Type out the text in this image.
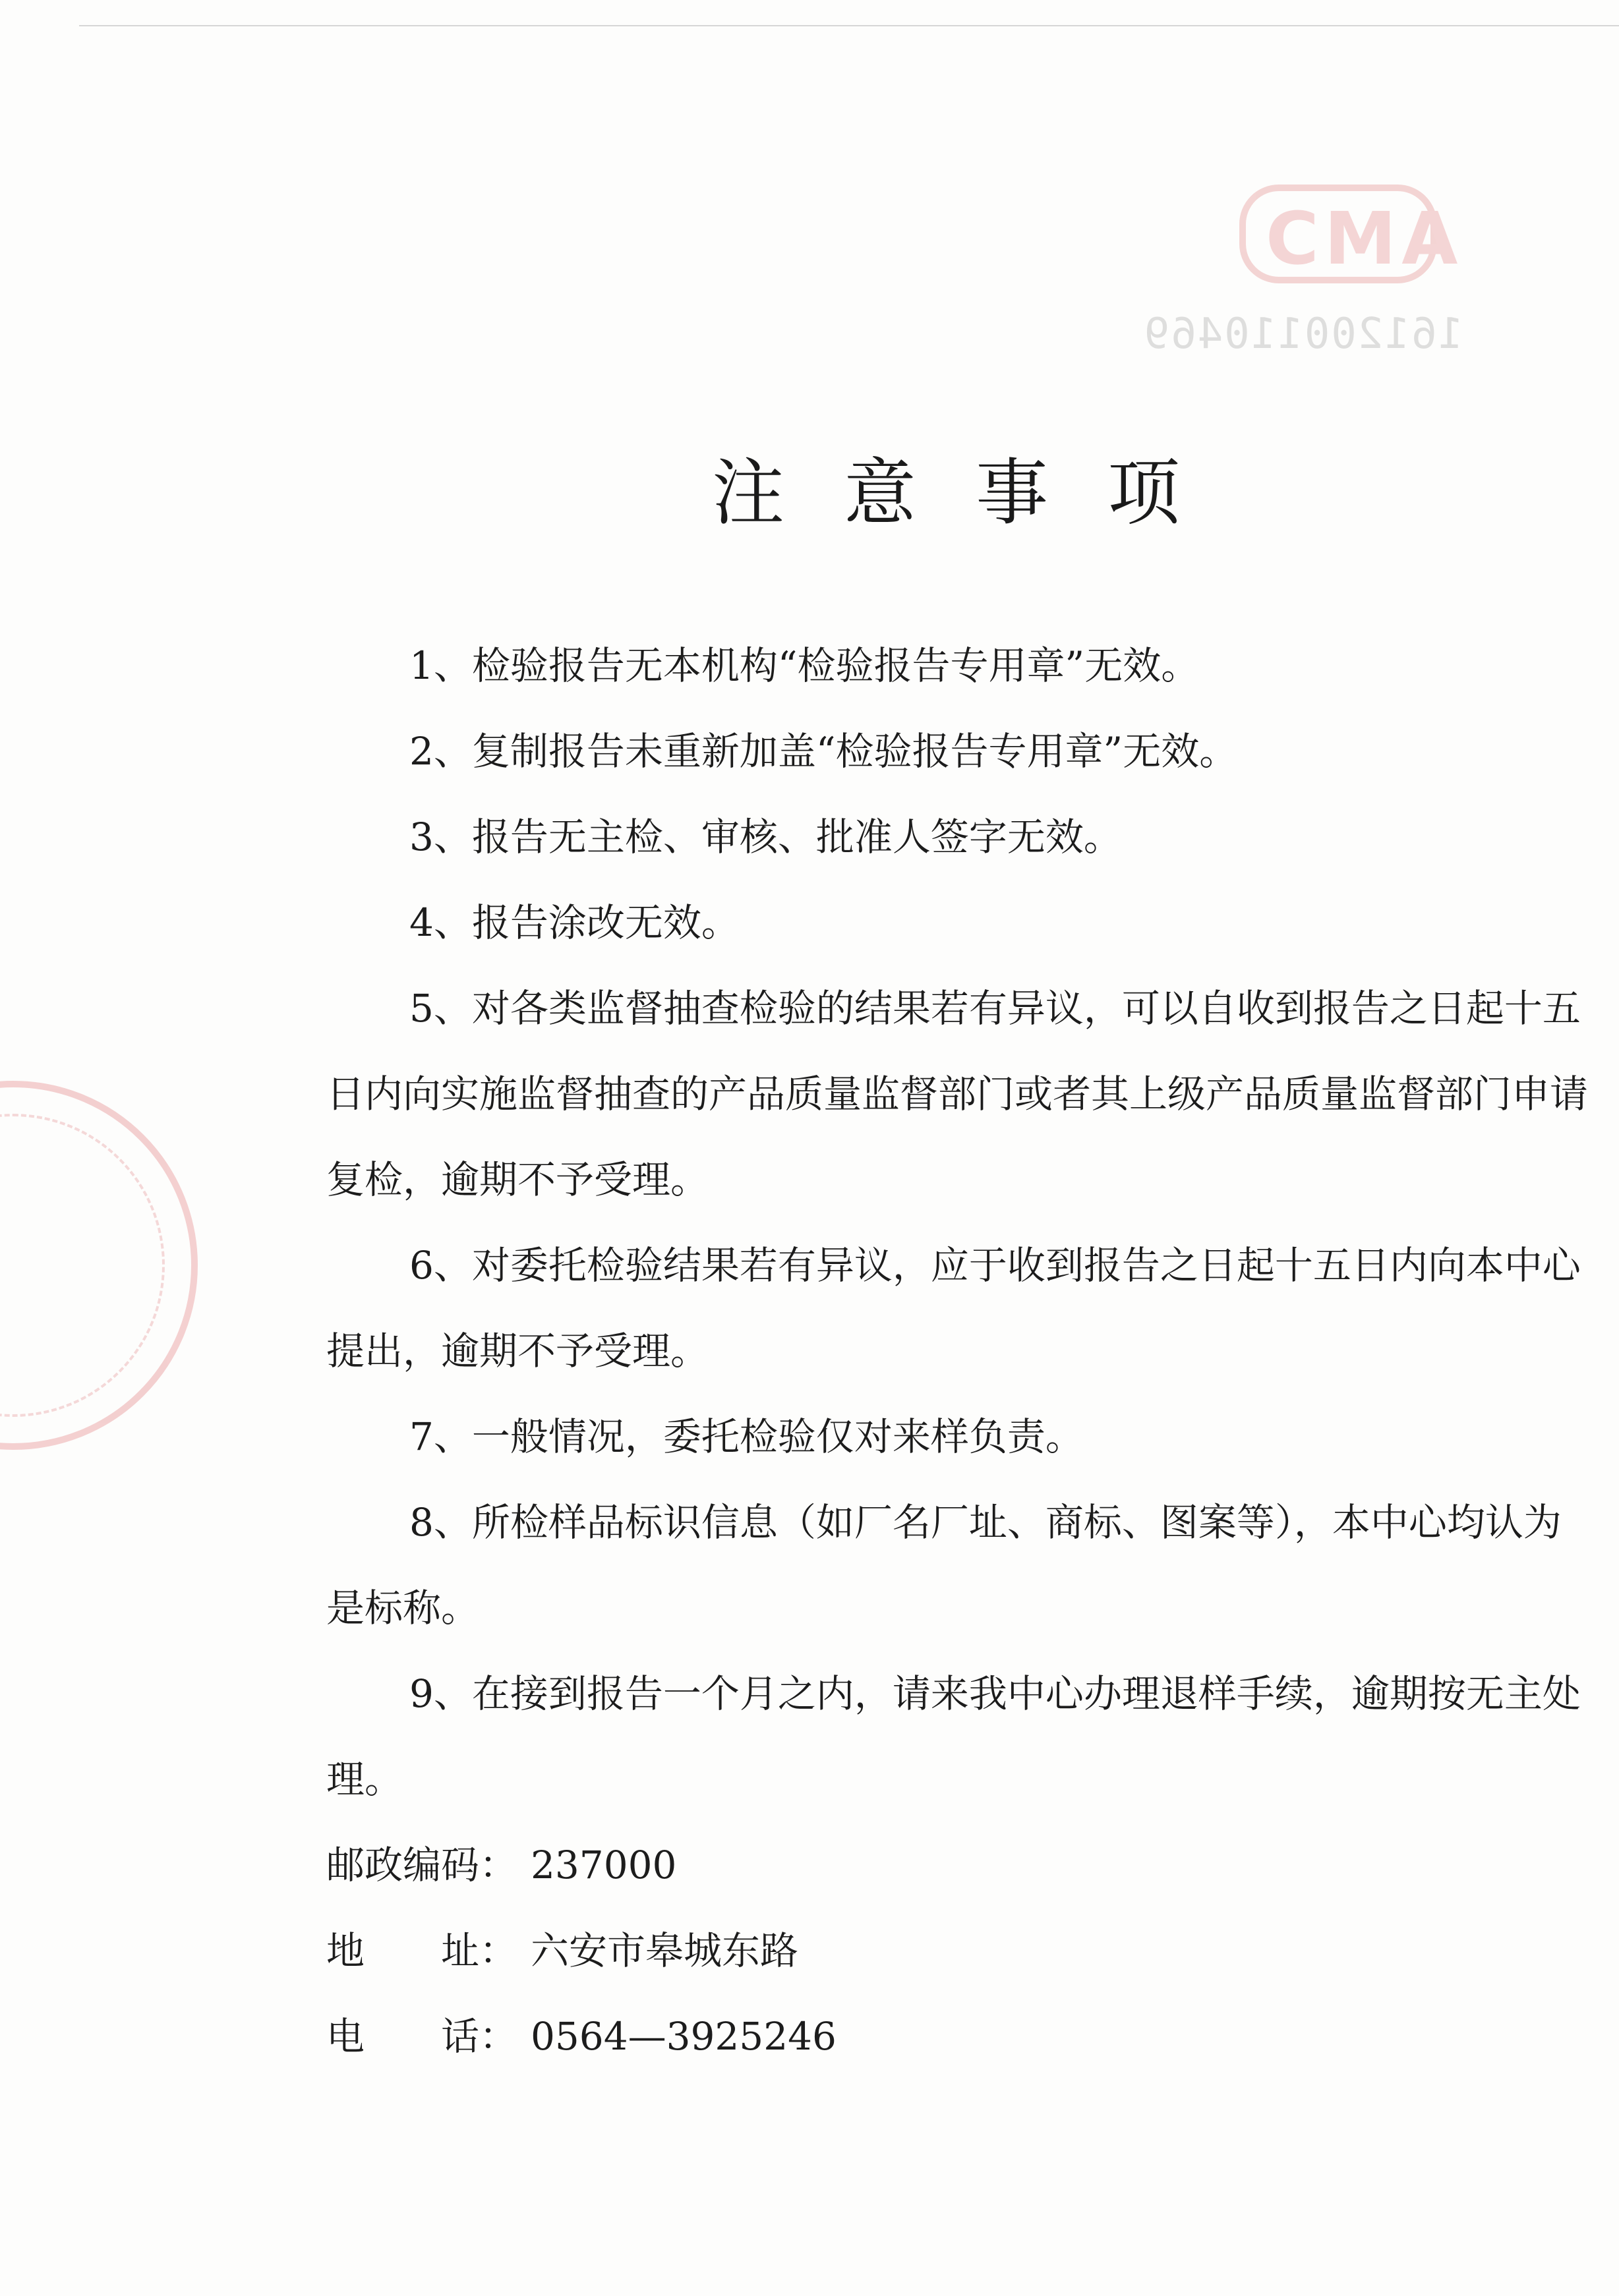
CMA
161200110469
注意事项

1、检验报告无本机构“检验报告专用章”无效。

2、复制报告未重新加盖“检验报告专用章”无效。

3、报告无主检、审核、批准人签字无效。

4、报告涂改无效。

5、对各类监督抽查检验的结果若有异议，可以自收到报告之日起十五日内向实施监督抽查的产品质量监督部门或者其上级产品质量监督部门申请复检，逾期不予受理。

6、对委托检验结果若有异议，应于收到报告之日起十五日内向本中心提出，逾期不予受理。

7、一般情况，委托检验仅对来样负责。

8、所检样品标识信息（如厂名厂址、商标、图案等），本中心均认为是标称。

9、在接到报告一个月之内，请来我中心办理退样手续，逾期按无主处理。

邮政编码： 237000

地　　址： 六安市皋城东路

电　　话： 0564—3925246
